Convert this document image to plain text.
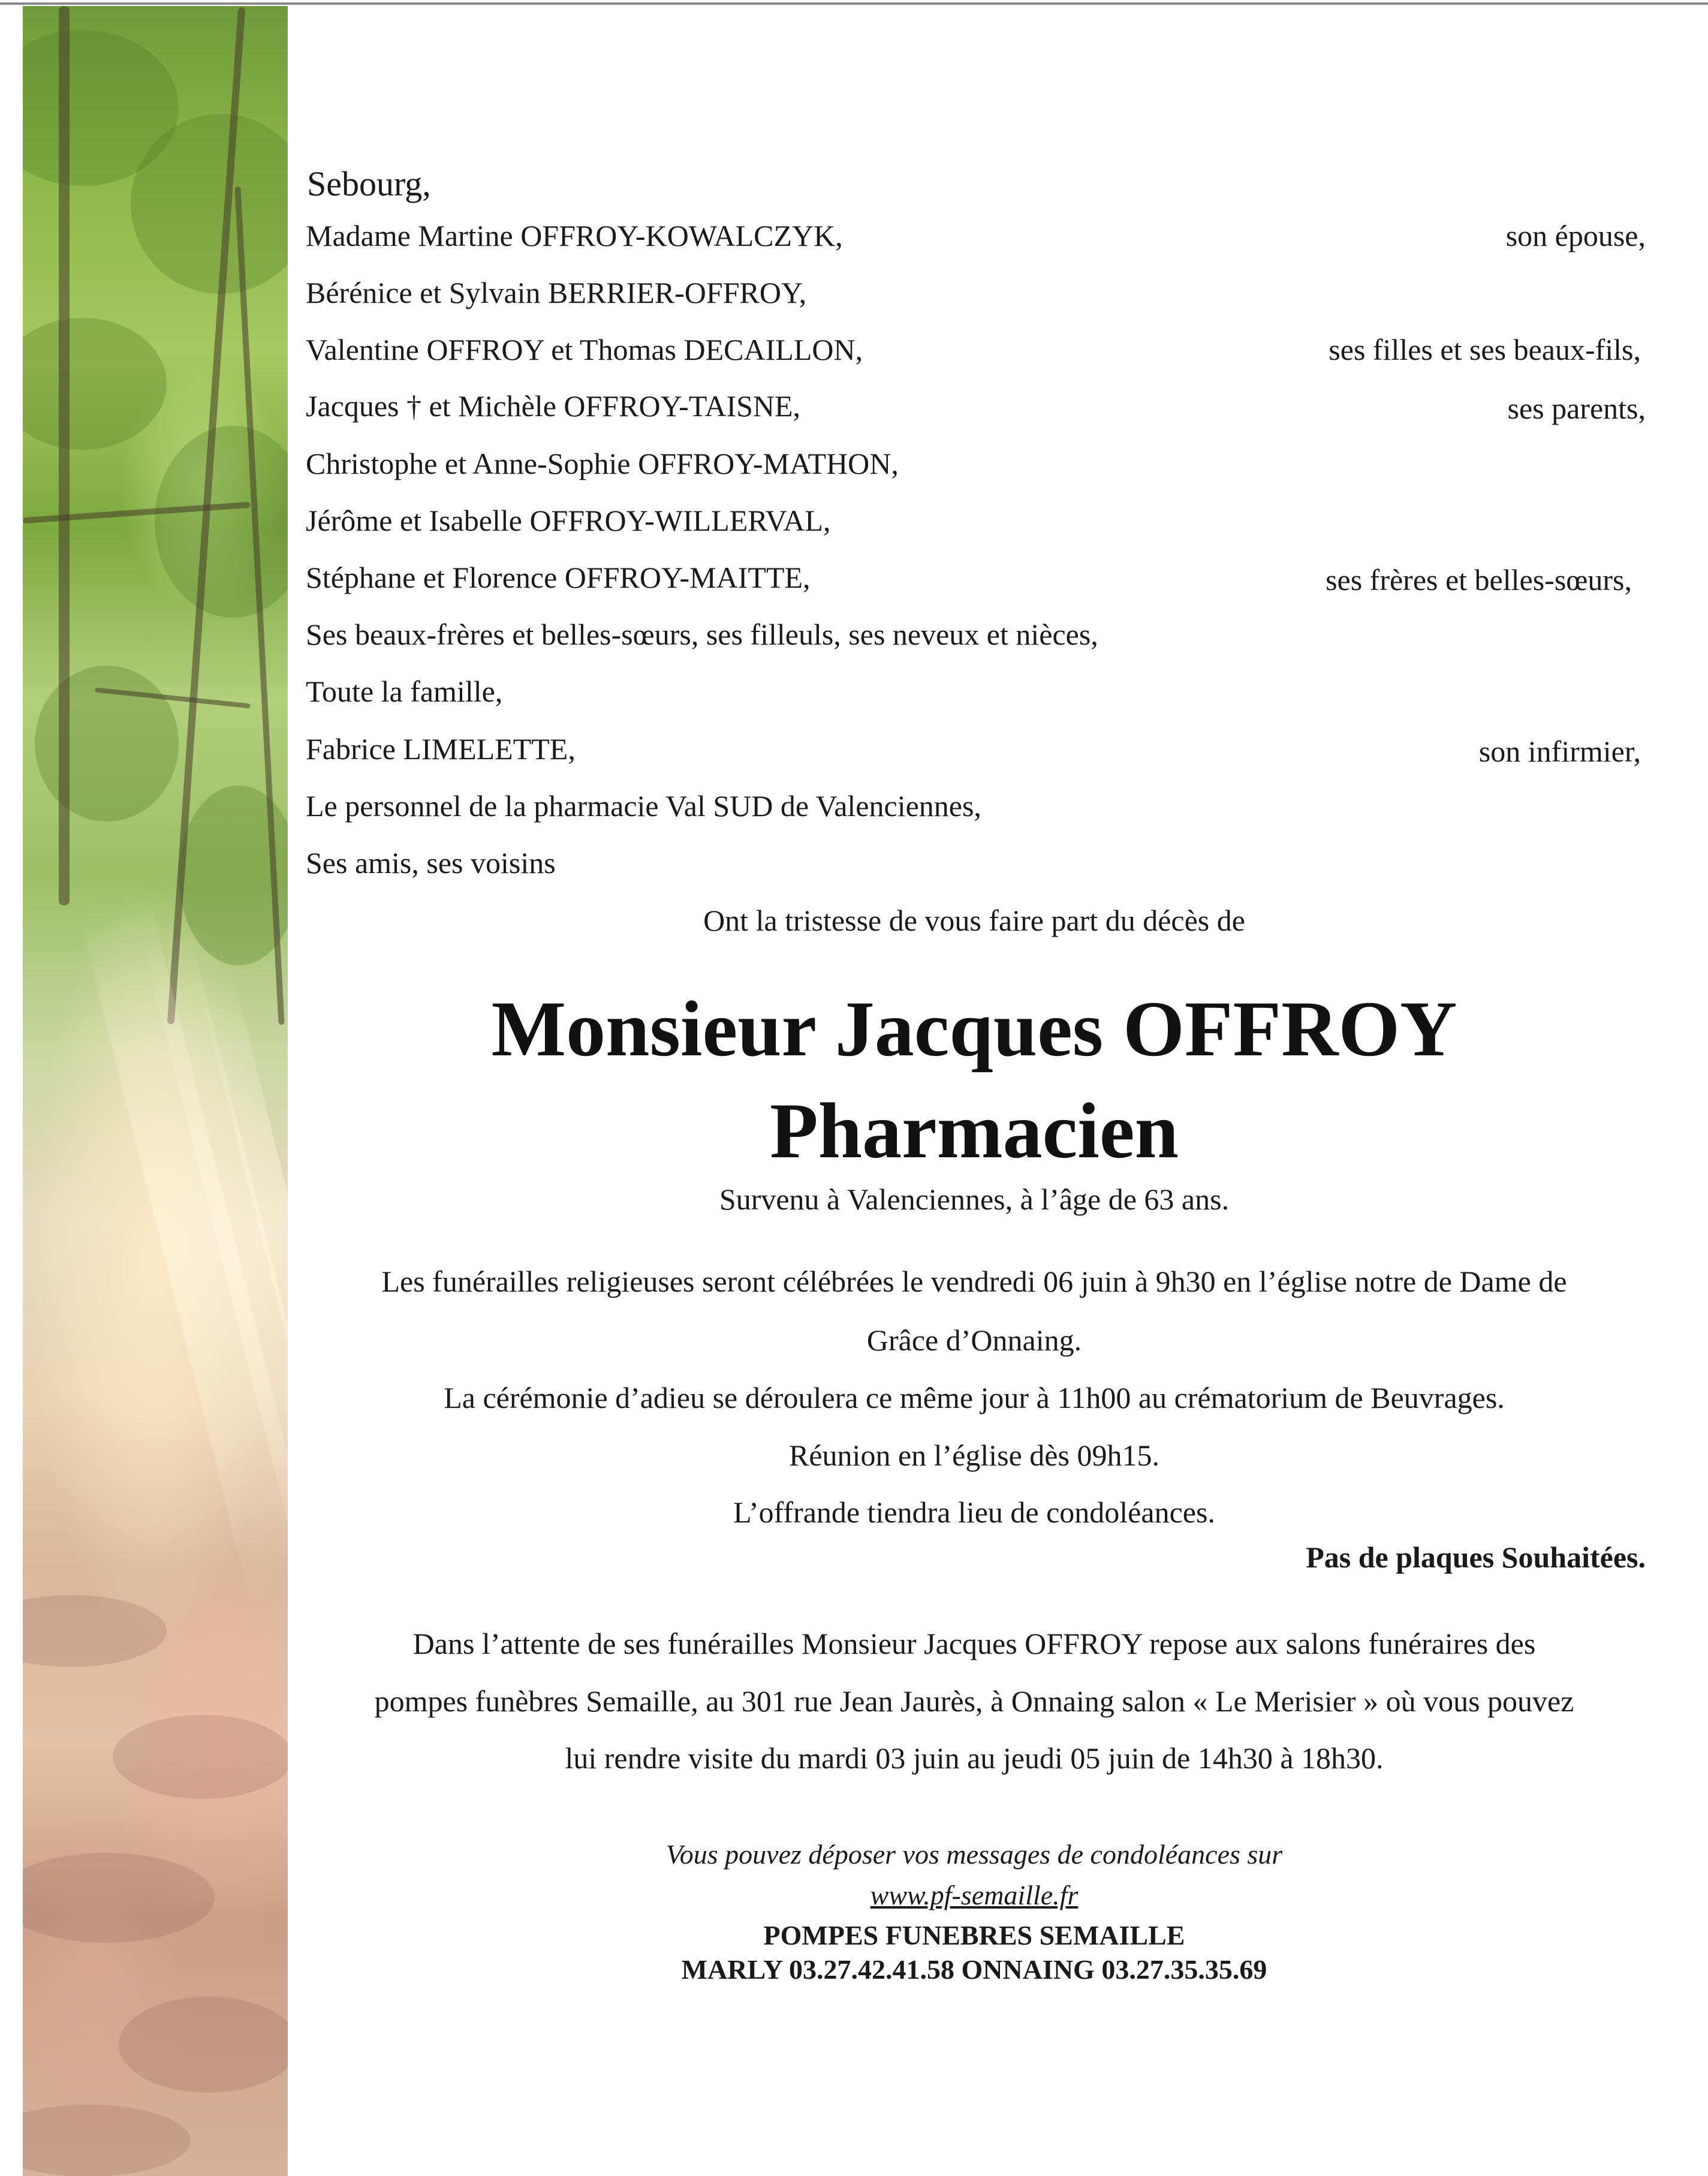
Sebourg,
Madame Martine OFFROY-KOWALCZYK,	son épouse,
Bérénice et Sylvain BERRIER-OFFROY,
Valentine OFFROY et Thomas DECAILLON,	ses filles et ses beaux-fils,
Jacques † et Michèle OFFROY-TAISNE,	ses parents,
Christophe et Anne-Sophie OFFROY-MATHON,
Jérôme et Isabelle OFFROY-WILLERVAL,
Stéphane et Florence OFFROY-MAITTE,	ses frères et belles-sœurs,
Ses beaux-frères et belles-sœurs, ses filleuls, ses neveux et nièces,
Toute la famille,
Fabrice LIMELETTE,	son infirmier,
Le personnel de la pharmacie Val SUD de Valenciennes,
Ses amis, ses voisins
Ont la tristesse de vous faire part du décès de
Monsieur Jacques OFFROY
Pharmacien
Survenu à Valenciennes, à l’âge de 63 ans.
Les funérailles religieuses seront célébrées le vendredi 06 juin à 9h30 en l’église notre de Dame de
Grâce d’Onnaing.
La cérémonie d’adieu se déroulera ce même jour à 11h00 au crématorium de Beuvrages.
Réunion en l’église dès 09h15.
L’offrande tiendra lieu de condoléances.
Pas de plaques Souhaitées.
Dans l’attente de ses funérailles Monsieur Jacques OFFROY repose aux salons funéraires des
pompes funèbres Semaille, au 301 rue Jean Jaurès, à Onnaing salon « Le Merisier » où vous pouvez
lui rendre visite du mardi 03 juin au jeudi 05 juin de 14h30 à 18h30.
Vous pouvez déposer vos messages de condoléances sur
www.pf-semaille.fr
POMPES FUNEBRES SEMAILLE
MARLY 03.27.42.41.58 ONNAING 03.27.35.35.69
